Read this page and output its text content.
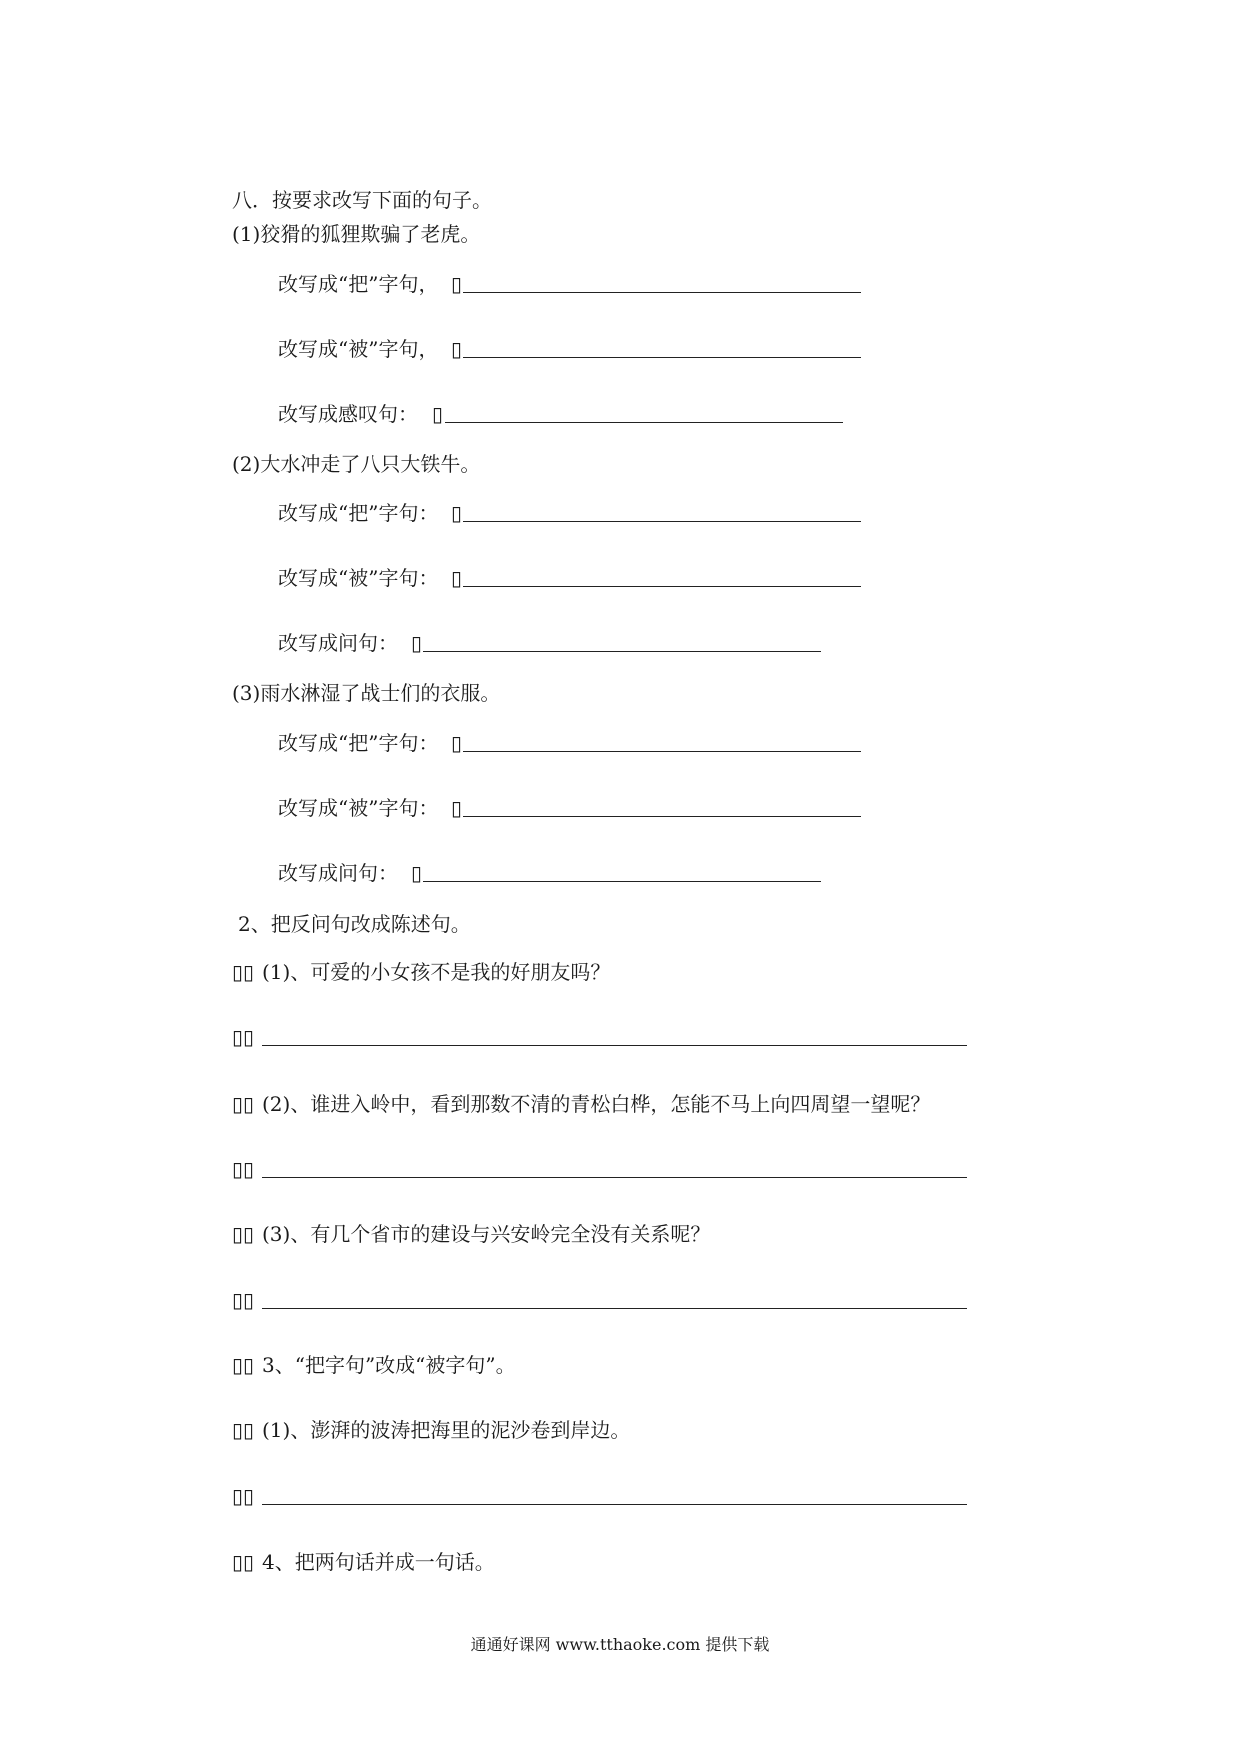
八．按要求改写下面的句子。
(1)狡猾的狐狸欺骗了老虎。
改写成“把”字句， ▯
改写成“被”字句， ▯
改写成感叹句： ▯
(2)大水冲走了八只大铁牛。
改写成“把”字句： ▯
改写成“被”字句： ▯
改写成问句： ▯
(3)雨水淋湿了战士们的衣服。
改写成“把”字句： ▯
改写成“被”字句： ▯
改写成问句： ▯
2、把反问句改成陈述句。
▯▯ (1)、可爱的小女孩不是我的好朋友吗？
▯▯
▯▯ (2)、谁进入岭中，看到那数不清的青松白桦，怎能不马上向四周望一望呢？
▯▯
▯▯ (3)、有几个省市的建设与兴安岭完全没有关系呢？
▯▯
▯▯ 3、“把字句”改成“被字句”。
▯▯ (1)、澎湃的波涛把海里的泥沙卷到岸边。
▯▯
▯▯ 4、把两句话并成一句话。
通通好课网 www.tthaoke.com 提供下载
